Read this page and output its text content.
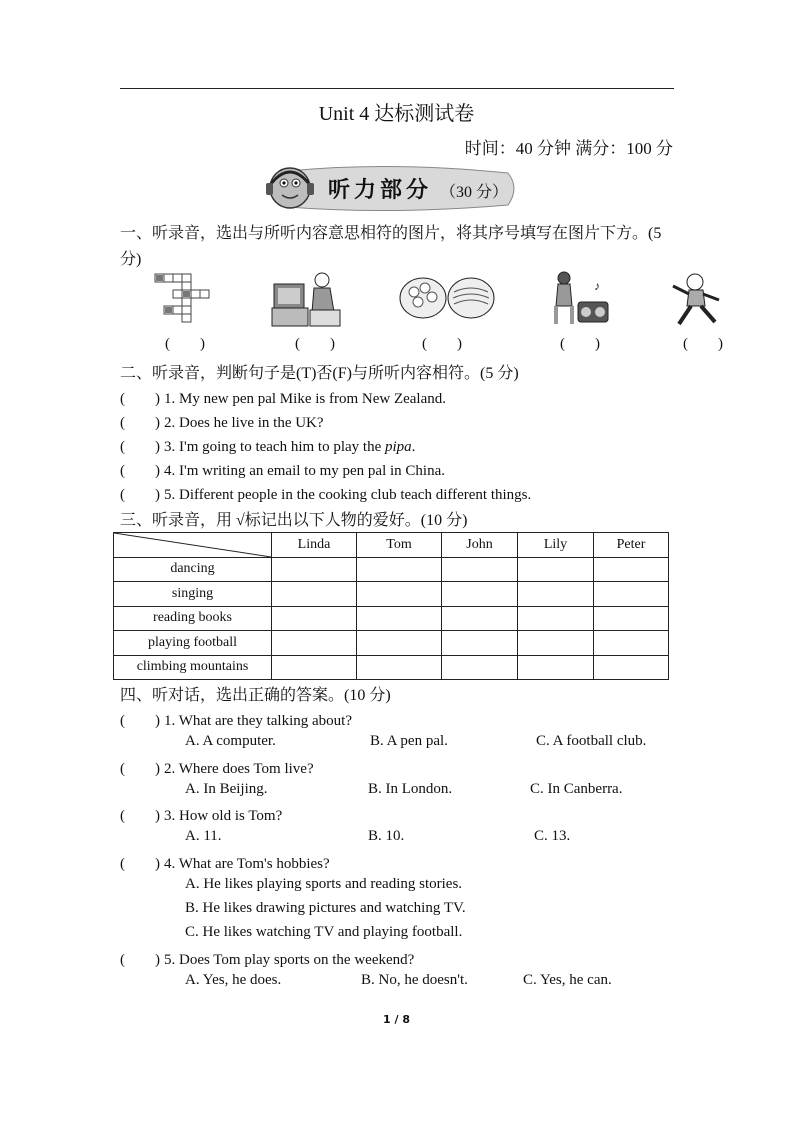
Unit 4 达标测试卷
时间：40 分钟 满分：100 分
听力部分 （30 分）
一、听录音，选出与所听内容意思相符的图片，将其序号填写在图片下方。(5
分)
♪
(　　)	(　　)	(　　)	(　　)	(　　)
二、听录音，判断句子是(T)否(F)与所听内容相符。(5 分)
(　　) 1. My new pen pal Mike is from New Zealand.
(　　) 2. Does he live in the UK?
(　　) 3. I'm going to teach him to play the pipa.
(　　) 4. I'm writing an email to my pen pal in China.
(　　) 5. Different people in the cooking club teach different things.
三、听录音，用 √标记出以下人物的爱好。(10 分)
	Linda	Tom	John	Lily	Peter
dancing					
singing					
reading books					
playing football					
climbing mountains					
四、听对话，选出正确的答案。(10 分)
(　　) 1. What are they talking about?
A. A computer.	B. A pen pal.	C. A football club.
(　　) 2. Where does Tom live?
A. In Beijing.	B. In London.	C. In Canberra.
(　　) 3. How old is Tom?
A. 11.	B. 10.	C. 13.
(　　) 4. What are Tom's hobbies?
A. He likes playing sports and reading stories.
B. He likes drawing pictures and watching TV.
C. He likes watching TV and playing football.
(　　) 5. Does Tom play sports on the weekend?
A. Yes, he does.	B. No, he doesn't.	C. Yes, he can.
1 / 8
